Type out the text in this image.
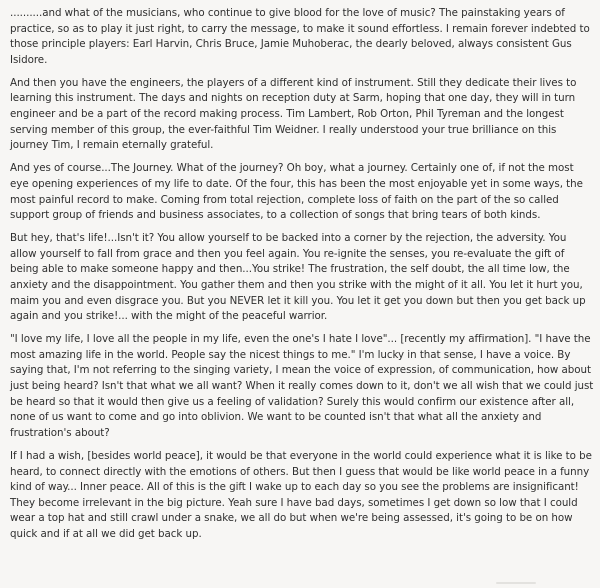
..........and what of the musicians, who continue to give blood for the love of music? The painstaking years of practice, so as to play it just right, to carry the message, to make it sound effortless. I remain forever indebted to those principle players: Earl Harvin, Chris Bruce, Jamie Muhoberac, the dearly beloved, always consistent Gus Isidore.

And then you have the engineers, the players of a different kind of instrument. Still they dedicate their lives to learning this instrument. The days and nights on reception duty at Sarm, hoping that one day, they will in turn engineer and be a part of the record making process. Tim Lambert, Rob Orton, Phil Tyreman and the longest serving member of this group, the ever-faithful Tim Weidner. I really understood your true brilliance on this journey Tim, I remain eternally grateful.

And yes of course...The Journey. What of the journey? Oh boy, what a journey. Certainly one of, if not the most eye opening experiences of my life to date. Of the four, this has been the most enjoyable yet in some ways, the most painful record to make. Coming from total rejection, complete loss of faith on the part of the so called support group of friends and business associates, to a collection of songs that bring tears of both kinds.

But hey, that's life!...Isn't it? You allow yourself to be backed into a corner by the rejection, the adversity. You allow yourself to fall from grace and then you feel again. You re-ignite the senses, you re-evaluate the gift of being able to make someone happy and then...You strike! The frustration, the self doubt, the all time low, the anxiety and the disappointment. You gather them and then you strike with the might of it all. You let it hurt you, maim you and even disgrace you. But you NEVER let it kill you. You let it get you down but then you get back up again and you strike!... with the might of the peaceful warrior.

"I love my life, I love all the people in my life, even the one's I hate I love"... [recently my affirmation]. "I have the most amazing life in the world. People say the nicest things to me." I'm lucky in that sense, I have a voice. By saying that, I'm not referring to the singing variety, I mean the voice of expression, of communication, how about just being heard? Isn't that what we all want? When it really comes down to it, don't we all wish that we could just be heard so that it would then give us a feeling of validation? Surely this would confirm our existence after all, none of us want to come and go into oblivion. We want to be counted isn't that what all the anxiety and frustration's about?

If I had a wish, [besides world peace], it would be that everyone in the world could experience what it is like to be heard, to connect directly with the emotions of others. But then I guess that would be like world peace in a funny kind of way... Inner peace. All of this is the gift I wake up to each day so you see the problems are insignificant! They become irrelevant in the big picture. Yeah sure I have bad days, sometimes I get down so low that I could wear a top hat and still crawl under a snake, we all do but when we're being assessed, it's going to be on how quick and if at all we did get back up.
